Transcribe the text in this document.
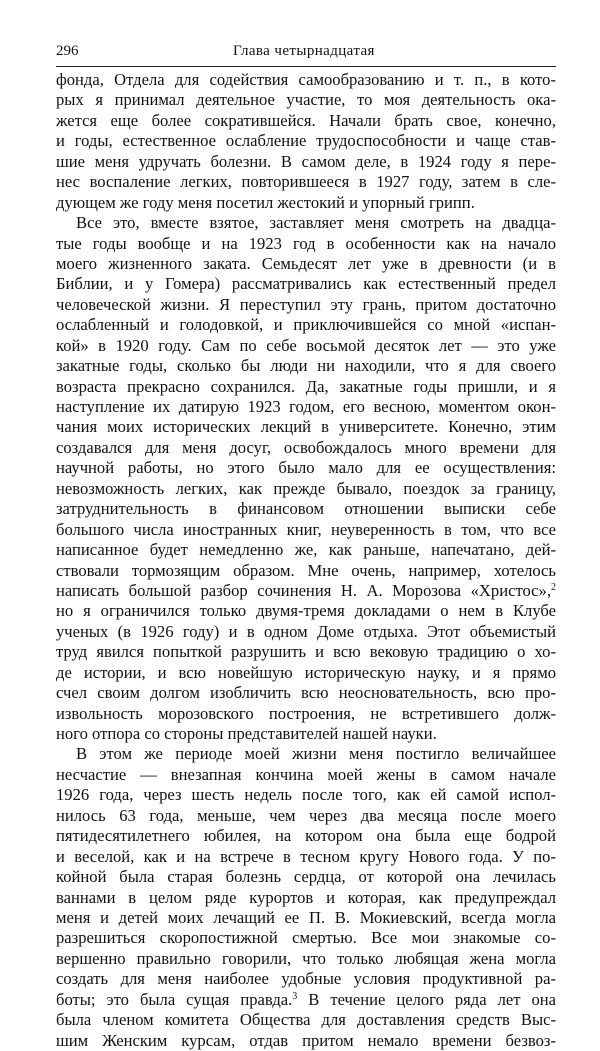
296	Глава четырнадцатая
фонда, Отдела для содействия самообразованию и т. п., в кото-
рых я принимал деятельное участие, то моя деятельность ока-
жется еще более сократившейся. Начали брать свое, конечно,
и годы, естественное ослабление трудоспособности и чаще став-
шие меня удручать болезни. В самом деле, в 1924 году я пере-
нес воспаление легких, повторившееся в 1927 году, затем в сле-
дующем же году меня посетил жестокий и упорный грипп.
Все это, вместе взятое, заставляет меня смотреть на двадца-
тые годы вообще и на 1923 год в особенности как на начало
моего жизненного заката. Семьдесят лет уже в древности (и в
Библии, и у Гомера) рассматривались как естественный предел
человеческой жизни. Я переступил эту грань, притом достаточно
ослабленный и голодовкой, и приключившейся со мной «испан-
кой» в 1920 году. Сам по себе восьмой десяток лет — это уже
закатные годы, сколько бы люди ни находили, что я для своего
возраста прекрасно сохранился. Да, закатные годы пришли, и я
наступление их датирую 1923 годом, его весною, моментом окон-
чания моих исторических лекций в университете. Конечно, этим
создавался для меня досуг, освобождалось много времени для
научной работы, но этого было мало для ее осуществления:
невозможность легких, как прежде бывало, поездок за границу,
затруднительность в финансовом отношении выписки себе
большого числа иностранных книг, неуверенность в том, что все
написанное будет немедленно же, как раньше, напечатано, дей-
ствовали тормозящим образом. Мне очень, например, хотелось
написать большой разбор сочинения Н. А. Морозова «Христос»,$^2$
но я ограничился только двумя-тремя докладами о нем в Клубе
ученых (в 1926 году) и в одном Доме отдыха. Этот объемистый
труд явился попыткой разрушить и всю вековую традицию о хо-
де истории, и всю новейшую историческую науку, и я прямо
счел своим долгом изобличить всю неосновательность, всю про-
извольность морозовского построения, не встретившего долж-
ного отпора со стороны представителей нашей науки.
В этом же периоде моей жизни меня постигло величайшее
несчастие — внезапная кончина моей жены в самом начале
1926 года, через шесть недель после того, как ей самой испол-
нилось 63 года, меньше, чем через два месяца после моего
пятидесятилетнего юбилея, на котором она была еще бодрой
и веселой, как и на встрече в тесном кругу Нового года. У по-
койной была старая болезнь сердца, от которой она лечилась
ваннами в целом ряде курортов и которая, как предупреждал
меня и детей моих лечащий ее П. В. Мокиевский, всегда могла
разрешиться скоропостижной смертью. Все мои знакомые со-
вершенно правильно говорили, что только любящая жена могла
создать для меня наиболее удобные условия продуктивной ра-
боты; это была сущая правда.$^3$ В течение целого ряда лет она
была членом комитета Общества для доставления средств Выс-
шим Женским курсам, отдав притом немало времени безвоз-
